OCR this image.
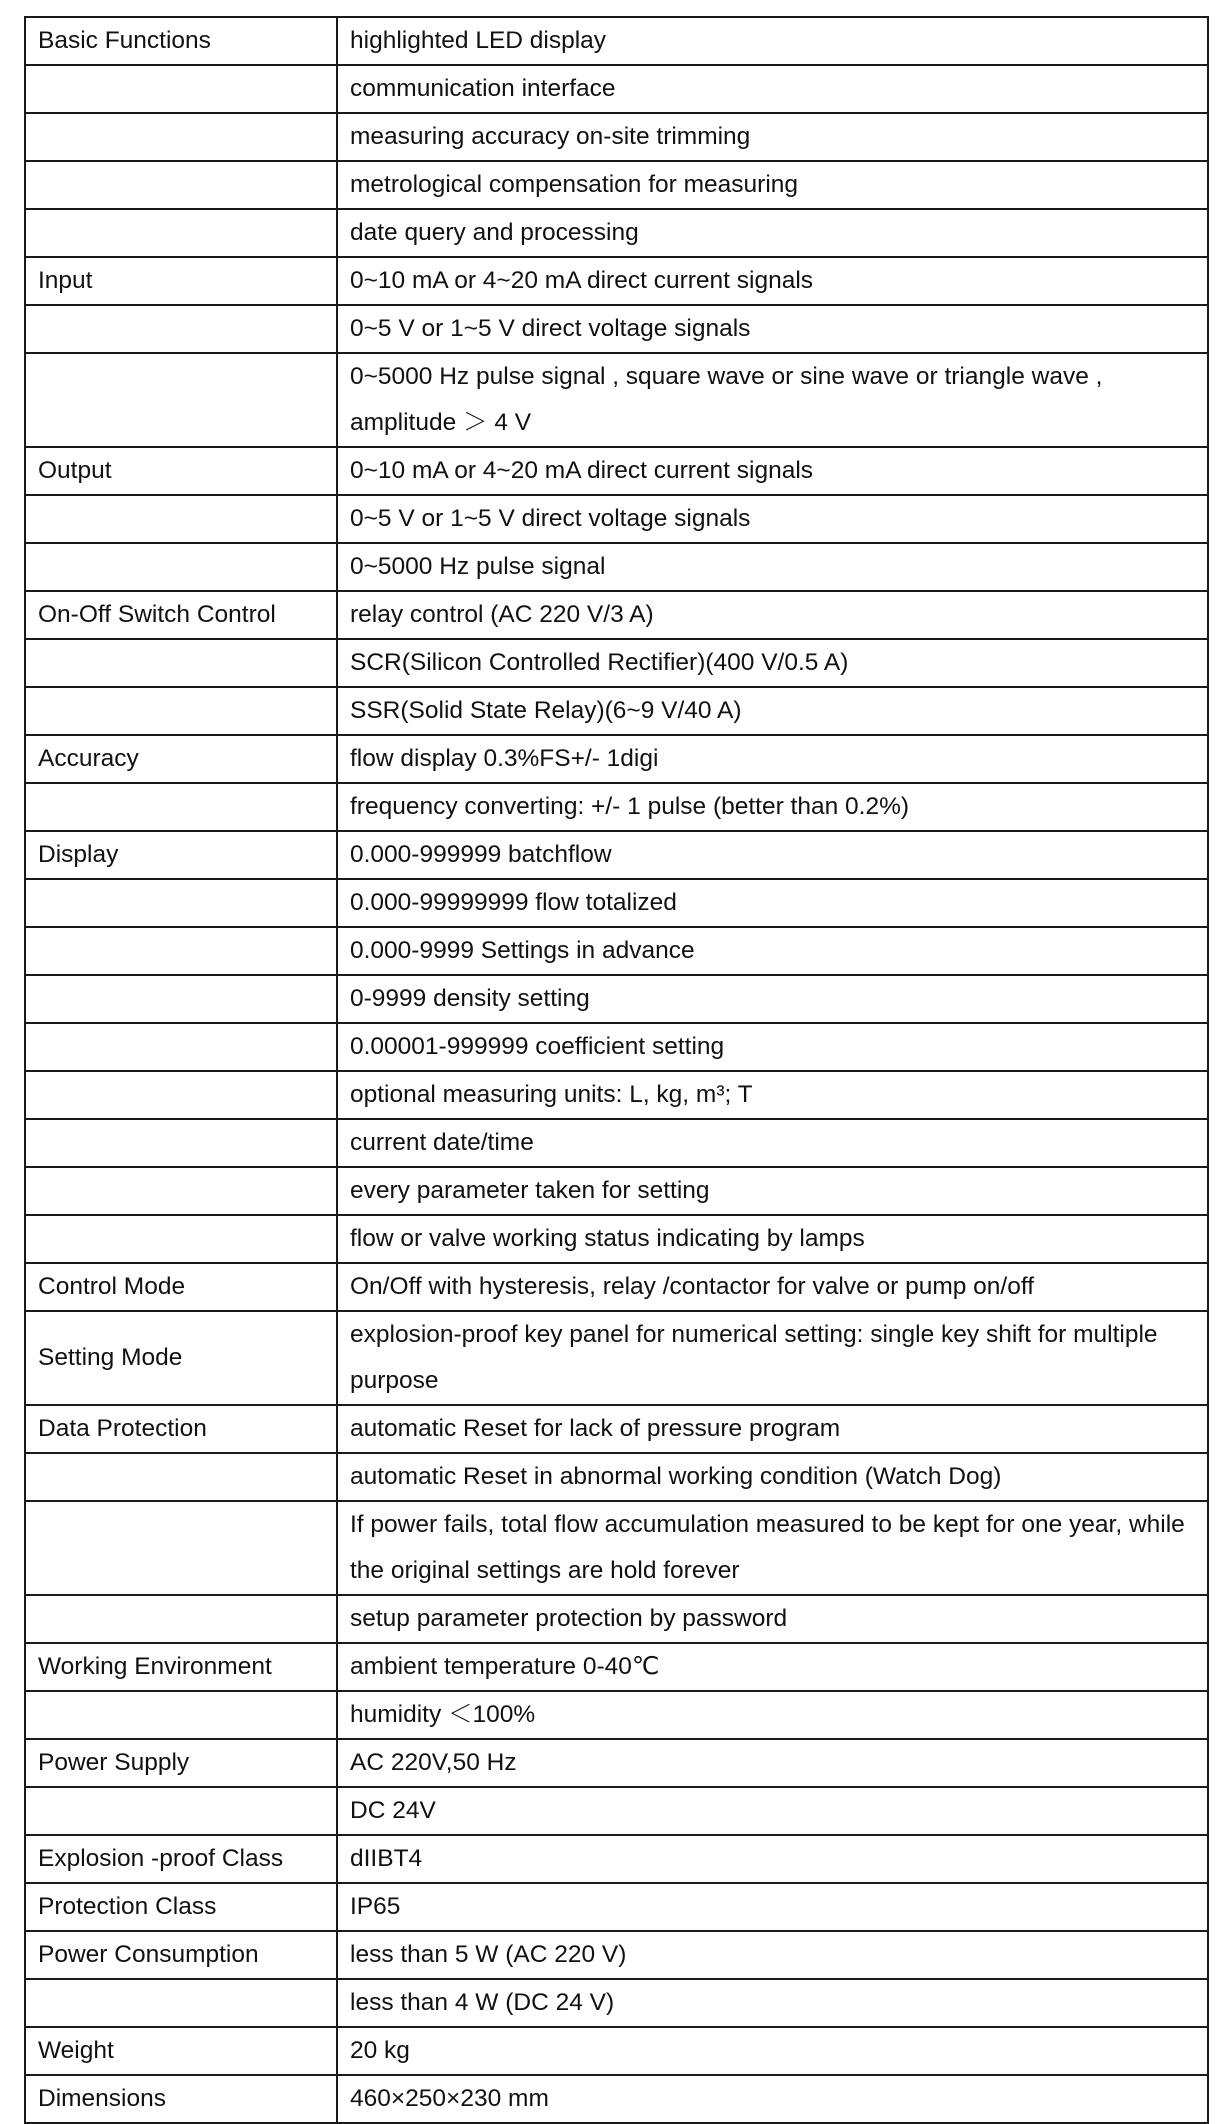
Basic Functions	highlighted LED display
	communication interface
	measuring accuracy on-site trimming
	metrological compensation for measuring
	date query and processing
Input	0~10 mA or 4~20 mA direct current signals
	0~5 V or 1~5 V direct voltage signals
	0~5000 Hz pulse signal , square wave or sine wave or triangle wave , amplitude ＞ 4 V
Output	0~10 mA or 4~20 mA direct current signals
	0~5 V or 1~5 V direct voltage signals
	0~5000 Hz pulse signal
On-Off Switch Control	relay control (AC 220 V/3 A)
	SCR(Silicon Controlled Rectifier)(400 V/0.5 A)
	SSR(Solid State Relay)(6~9 V/40 A)
Accuracy	flow display 0.3%FS+/- 1digi
	frequency converting: +/- 1 pulse (better than 0.2%)
Display	0.000-999999 batchflow
	0.000-99999999 flow totalized
	0.000-9999 Settings in advance
	0-9999 density setting
	0.00001-999999 coefficient setting
	optional measuring units: L, kg, m³; T
	current date/time
	every parameter taken for setting
	flow or valve working status indicating by lamps
Control Mode	On/Off with hysteresis, relay /contactor for valve or pump on/off
Setting Mode	explosion-proof key panel for numerical setting: single key shift for multiple purpose
Data Protection	automatic Reset for lack of pressure program
	automatic Reset in abnormal working condition (Watch Dog)
	If power fails, total flow accumulation measured to be kept for one year, while the original settings are hold forever
	setup parameter protection by password
Working Environment	ambient temperature 0-40℃
	humidity ＜100%
Power Supply	AC 220V,50 Hz
	DC 24V
Explosion -proof Class	dIIBT4
Protection Class	IP65
Power Consumption	less than 5 W (AC 220 V)
	less than 4 W (DC 24 V)
Weight	20 kg
Dimensions	460×250×230 mm
